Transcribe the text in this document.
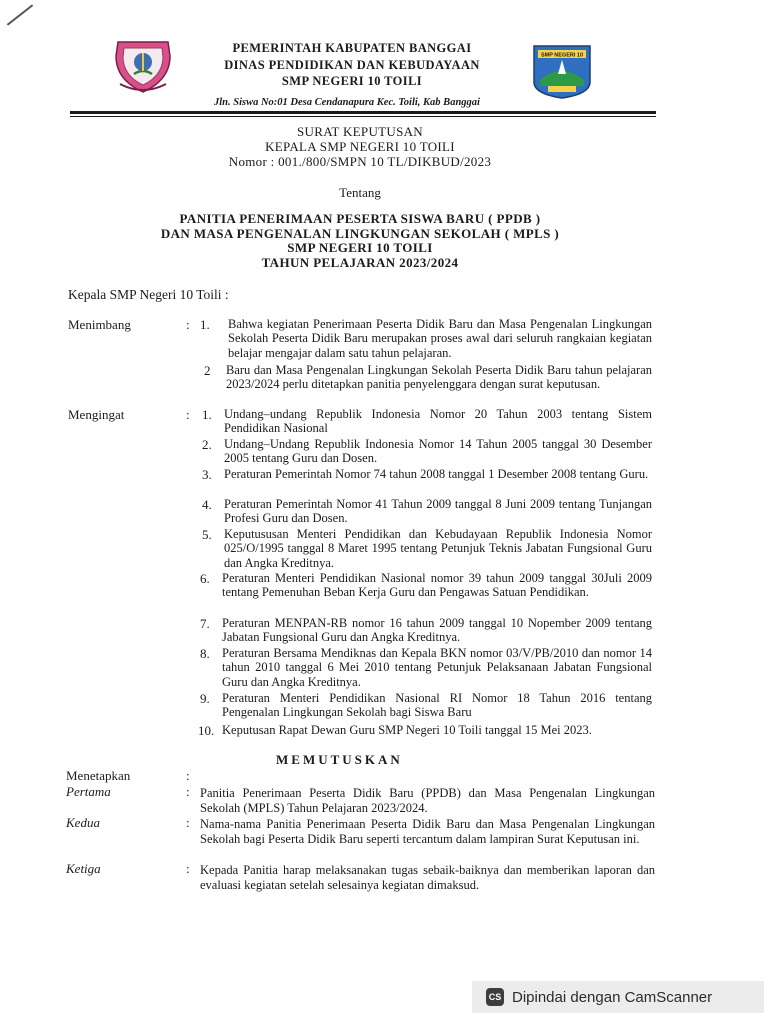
PEMERINTAH KABUPATEN BANGGAI
DINAS PENDIDIKAN DAN KEBUDAYAAN
SMP NEGERI 10 TOILI
SMP NEGERI 10
Jln. Siswa No:01 Desa Cendanapura Kec. Toili, Kab Banggai
SURAT KEPUTUSAN
KEPALA SMP NEGERI 10 TOILI
Nomor : 001./800/SMPN 10 TL/DIKBUD/2023
Tentang
PANITIA PENERIMAAN PESERTA SISWA BARU ( PPDB )
DAN MASA PENGENALAN LINGKUNGAN SEKOLAH ( MPLS )
SMP NEGERI 10 TOILI
TAHUN PELAJARAN 2023/2024
Kepala SMP Negeri 10 Toili :
Menimbang	: 1. Bahwa kegiatan Penerimaan Peserta Didik Baru dan Masa Pengenalan Lingkungan Sekolah Peserta Didik Baru merupakan proses awal dari seluruh rangkaian kegiatan belajar mengajar dalam satu tahun pelajaran.
2 Baru dan Masa Pengenalan Lingkungan Sekolah Peserta Didik Baru tahun pelajaran 2023/2024 perlu ditetapkan panitia penyelenggara dengan surat keputusan.
Mengingat	: 1. Undang–undang Republik Indonesia Nomor 20 Tahun 2003 tentang Sistem Pendidikan Nasional
2. Undang–Undang Republik Indonesia Nomor 14 Tahun 2005 tanggal 30 Desember 2005 tentang Guru dan Dosen.
3. Peraturan Pemerintah Nomor 74 tahun 2008 tanggal 1 Desember 2008 tentang Guru.
4. Peraturan Pemerintah Nomor 41 Tahun 2009 tanggal 8 Juni 2009 tentang Tunjangan Profesi Guru dan Dosen.
5. Keputususan Menteri Pendidikan dan Kebudayaan Republik Indonesia Nomor 025/O/1995 tanggal 8 Maret 1995 tentang Petunjuk Teknis Jabatan Fungsional Guru dan Angka Kreditnya.
6. Peraturan Menteri Pendidikan Nasional nomor 39 tahun 2009 tanggal 30Juli 2009 tentang Pemenuhan Beban Kerja Guru dan Pengawas Satuan Pendidikan.
7. Peraturan MENPAN-RB nomor 16 tahun 2009 tanggal 10 Nopember 2009 tentang Jabatan Fungsional Guru dan Angka Kreditnya.
8. Peraturan Bersama Mendiknas dan Kepala BKN nomor 03/V/PB/2010 dan nomor 14 tahun 2010 tanggal 6 Mei 2010 tentang Petunjuk Pelaksanaan Jabatan Fungsional Guru dan Angka Kreditnya.
9. Peraturan Menteri Pendidikan Nasional RI Nomor 18 Tahun 2016 tentang Pengenalan Lingkungan Sekolah bagi Siswa Baru
10. Keputusan Rapat Dewan Guru SMP Negeri 10 Toili tanggal 15 Mei 2023.
MEMUTUSKAN
Menetapkan	:
Pertama	: Panitia Penerimaan Peserta Didik Baru (PPDB) dan Masa Pengenalan Lingkungan Sekolah (MPLS) Tahun Pelajaran 2023/2024.
Kedua	: Nama-nama Panitia Penerimaan Peserta Didik Baru dan Masa Pengenalan Lingkungan Sekolah bagi Peserta Didik Baru seperti tercantum dalam lampiran Surat Keputusan ini.
Ketiga	: Kepada Panitia harap melaksanakan tugas sebaik-baiknya dan memberikan laporan dan evaluasi kegiatan setelah selesainya kegiatan dimaksud.
CS Dipindai dengan CamScanner
